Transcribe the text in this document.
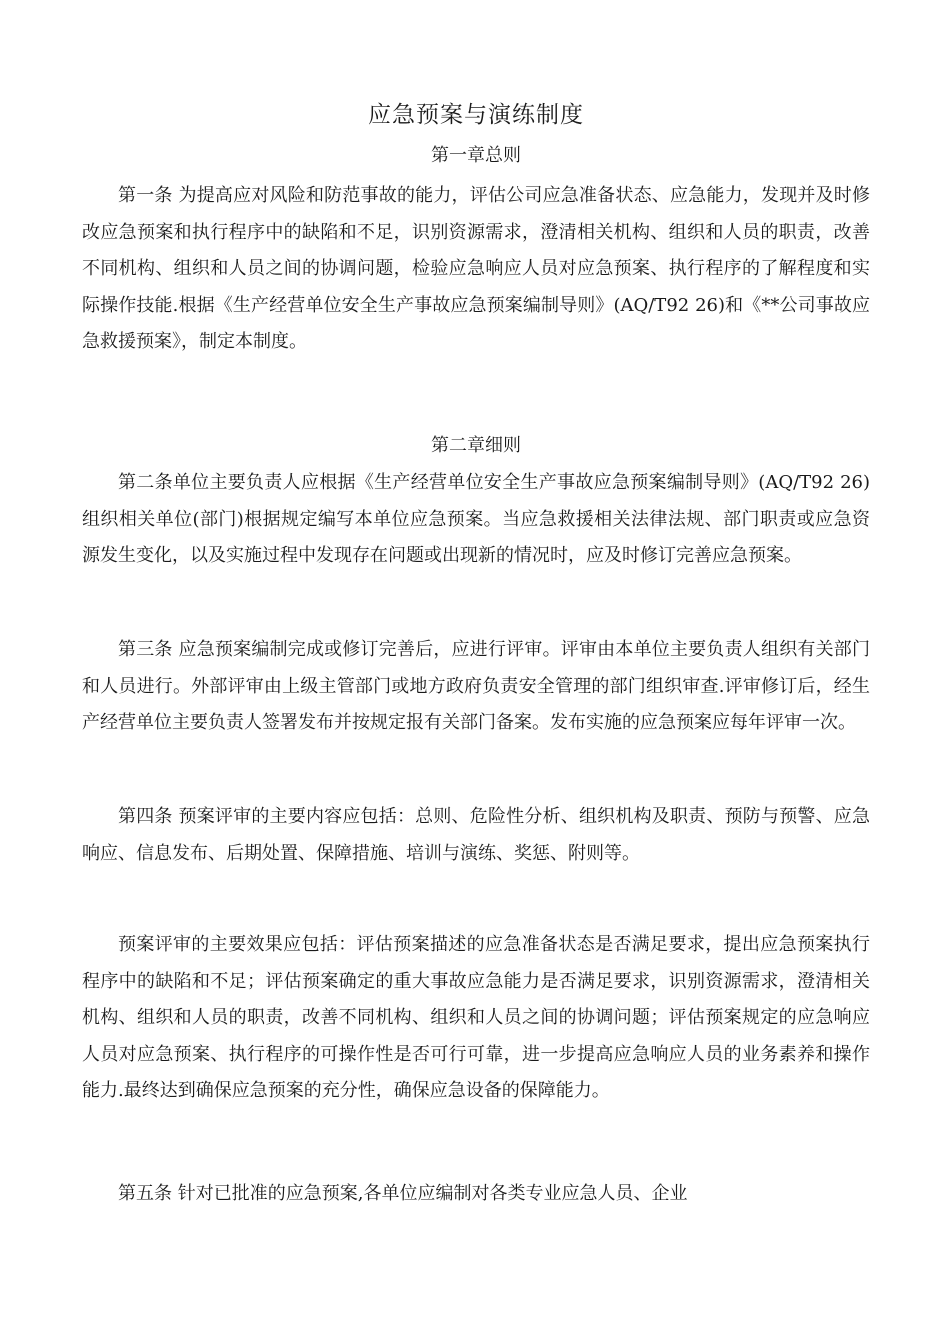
应急预案与演练制度
第一章总则

第一条 为提高应对风险和防范事故的能力，评估公司应急准备状态、应急能力，发现并及时修改应急预案和执行程序中的缺陷和不足，识别资源需求，澄清相关机构、组织和人员的职责，改善不同机构、组织和人员之间的协调问题，检验应急响应人员对应急预案、执行程序的了解程度和实际操作技能.根据《生产经营单位安全生产事故应急预案编制导则》(AQ/T92 26)和《**公司事故应急救援预案》，制定本制度。

第二章细则

第二条单位主要负责人应根据《生产经营单位安全生产事故应急预案编制导则》(AQ/T92 26)组织相关单位(部门)根据规定编写本单位应急预案。当应急救援相关法律法规、部门职责或应急资源发生变化，以及实施过程中发现存在问题或出现新的情况时，应及时修订完善应急预案。

第三条 应急预案编制完成或修订完善后，应进行评审。评审由本单位主要负责人组织有关部门和人员进行。外部评审由上级主管部门或地方政府负责安全管理的部门组织审查.评审修订后，经生产经营单位主要负责人签署发布并按规定报有关部门备案。发布实施的应急预案应每年评审一次。

第四条 预案评审的主要内容应包括：总则、危险性分析、组织机构及职责、预防与预警、应急响应、信息发布、后期处置、保障措施、培训与演练、奖惩、附则等。

预案评审的主要效果应包括：评估预案描述的应急准备状态是否满足要求，提出应急预案执行程序中的缺陷和不足；评估预案确定的重大事故应急能力是否满足要求，识别资源需求，澄清相关机构、组织和人员的职责，改善不同机构、组织和人员之间的协调问题；评估预案规定的应急响应人员对应急预案、执行程序的可操作性是否可行可靠，进一步提高应急响应人员的业务素养和操作能力.最终达到确保应急预案的充分性，确保应急设备的保障能力。

第五条 针对已批准的应急预案,各单位应编制对各类专业应急人员、企业
